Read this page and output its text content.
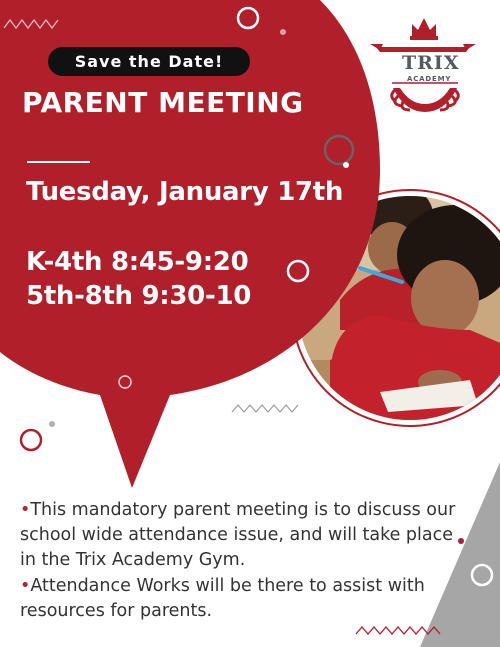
Save the Date!
PARENT MEETING
Tuesday, January 17th
K-4th 8:45-9:20
5th-8th 9:30-10
TRIX
ACADEMY
•This mandatory parent meeting is to discuss our school wide attendance issue, and will take place in the Trix Academy Gym.
•Attendance Works will be there to assist with resources for parents.
